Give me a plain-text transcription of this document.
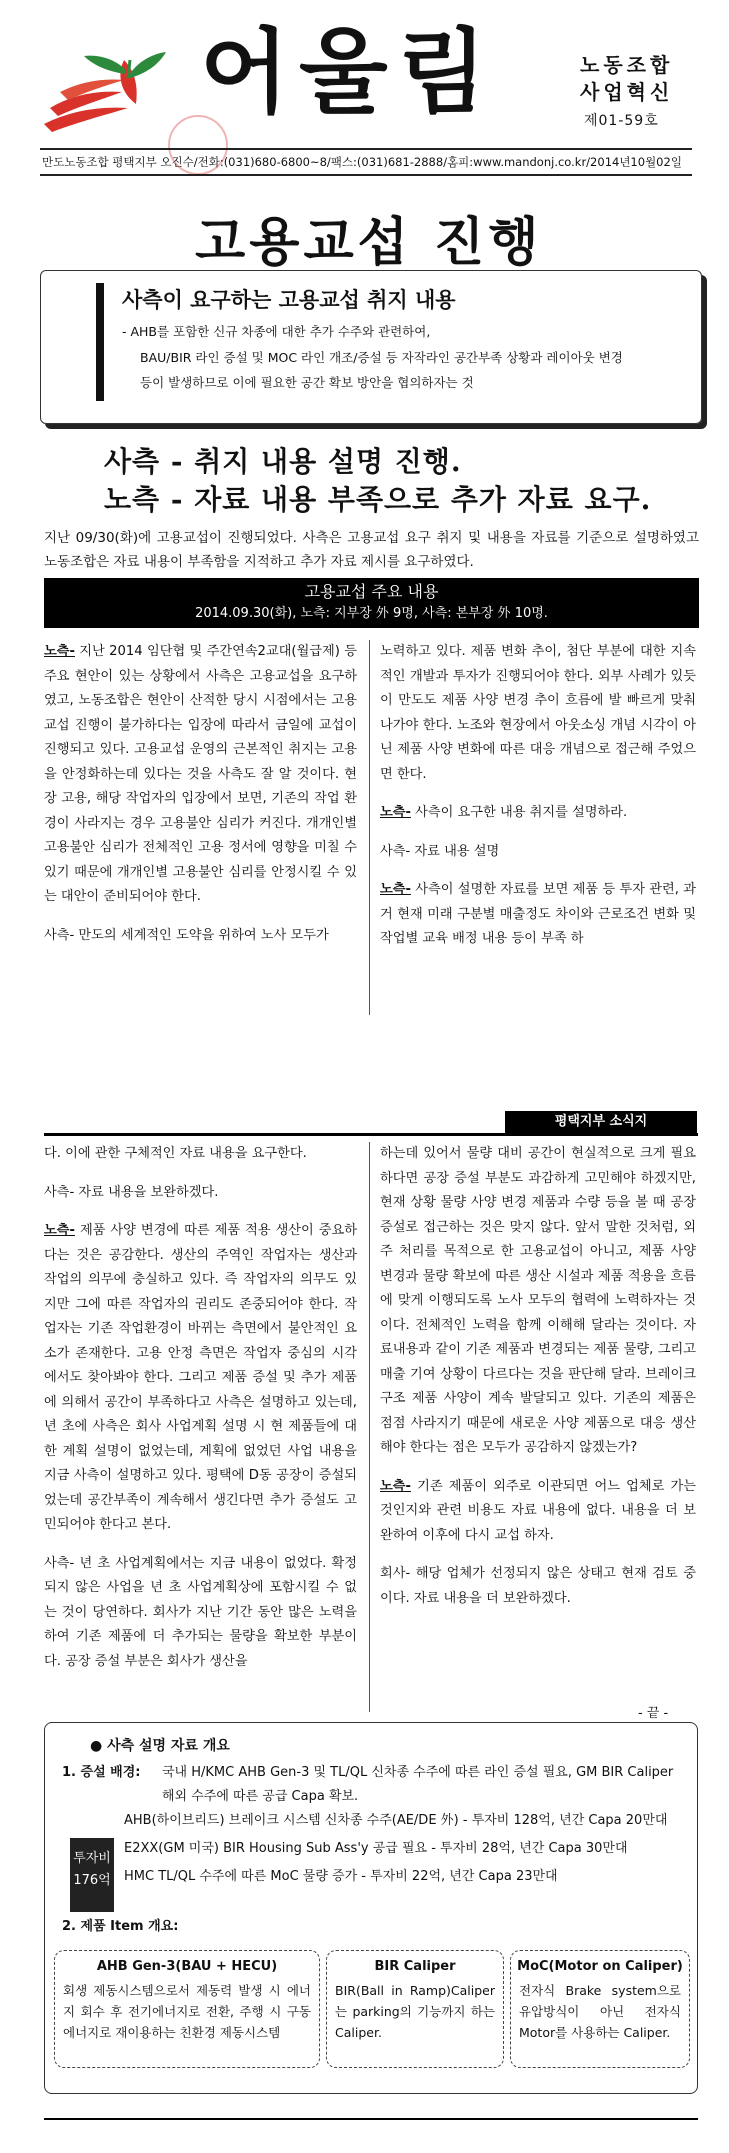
어울림	노동조합
사업혁신
제01-59호
만도노동조합 평택지부 오진수/전화:(031)680-6800~8/팩스:(031)681-2888/홈피:www.mandonj.co.kr/2014년10월02일
고용교섭 진행
사측이 요구하는 고용교섭 취지 내용
- AHB를 포함한 신규 차종에 대한 추가 수주와 관련하여,
BAU/BIR 라인 증설 및 MOC 라인 개조/증설 등 자작라인 공간부족 상황과 레이아웃 변경
등이 발생하므로 이에 필요한 공간 확보 방안을 협의하자는 것
사측 - 취지 내용 설명 진행.
노측 - 자료 내용 부족으로 추가 자료 요구.
지난 09/30(화)에 고용교섭이 진행되었다. 사측은 고용교섭 요구 취지 및 내용을 자료를 기준으로 설명하였고 노동조합은 자료 내용이 부족함을 지적하고 추가 자료 제시를 요구하였다.
고용교섭 주요 내용
2014.09.30(화), 노측: 지부장 外 9명, 사측: 본부장 外 10명.

노측- 지난 2014 임단협 및 주간연속2교대(월급제) 등 주요 현안이 있는 상황에서 사측은 고용교섭을 요구하였고, 노동조합은 현안이 산적한 당시 시점에서는 고용교섭 진행이 불가하다는 입장에 따라서 금일에 교섭이 진행되고 있다. 고용교섭 운영의 근본적인 취지는 고용을 안정화하는데 있다는 것을 사측도 잘 알 것이다. 현장 고용, 해당 작업자의 입장에서 보면, 기존의 작업 환경이 사라지는 경우 고용불안 심리가 커진다. 개개인별 고용불안 심리가 전체적인 고용 정서에 영향을 미칠 수 있기 때문에 개개인별 고용불안 심리를 안정시킬 수 있는 대안이 준비되어야 한다.

사측- 만도의 세계적인 도약을 위하여 노사 모두가

노력하고 있다. 제품 변화 추이, 첨단 부분에 대한 지속적인 개발과 투자가 진행되어야 한다. 외부 사례가 있듯이 만도도 제품 사양 변경 추이 흐름에 발 빠르게 맞춰나가야 한다. 노조와 현장에서 아웃소싱 개념 시각이 아닌 제품 사양 변화에 따른 대응 개념으로 접근해 주었으면 한다.

노측- 사측이 요구한 내용 취지를 설명하라.

사측- 자료 내용 설명

노측- 사측이 설명한 자료를 보면 제품 등 투자 관련, 과거 현재 미래 구분별 매출정도 차이와 근로조건 변화 및 작업별 교육 배정 내용 등이 부족 하

평택지부 소식지

다. 이에 관한 구체적인 자료 내용을 요구한다.

사측- 자료 내용을 보완하겠다.

노측- 제품 사양 변경에 따른 제품 적용 생산이 중요하다는 것은 공감한다. 생산의 주역인 작업자는 생산과 작업의 의무에 충실하고 있다. 즉 작업자의 의무도 있지만 그에 따른 작업자의 권리도 존중되어야 한다. 작업자는 기존 작업환경이 바뀌는 측면에서 불안적인 요소가 존재한다. 고용 안정 측면은 작업자 중심의 시각에서도 찾아봐야 한다. 그리고 제품 증설 및 추가 제품에 의해서 공간이 부족하다고 사측은 설명하고 있는데, 년 초에 사측은 회사 사업계획 설명 시 현 제품들에 대한 계획 설명이 없었는데, 계획에 없었던 사업 내용을 지금 사측이 설명하고 있다. 평택에 D동 공장이 증설되었는데 공간부족이 계속해서 생긴다면 추가 증설도 고민되어야 한다고 본다.

사측- 년 초 사업계획에서는 지금 내용이 없었다. 확정되지 않은 사업을 년 초 사업계획상에 포함시킬 수 없는 것이 당연하다. 회사가 지난 기간 동안 많은 노력을 하여 기존 제품에 더 추가되는 물량을 확보한 부분이다. 공장 증설 부분은 회사가 생산을

하는데 있어서 물량 대비 공간이 현실적으로 크게 필요하다면 공장 증설 부분도 과감하게 고민해야 하겠지만, 현재 상황 물량 사양 변경 제품과 수량 등을 볼 때 공장 증설로 접근하는 것은 맞지 않다. 앞서 말한 것처럼, 외주 처리를 목적으로 한 고용교섭이 아니고, 제품 사양 변경과 물량 확보에 따른 생산 시설과 제품 적용을 흐름에 맞게 이행되도록 노사 모두의 협력에 노력하자는 것이다. 전체적인 노력을 함께 이해해 달라는 것이다. 자료내용과 같이 기존 제품과 변경되는 제품 물량, 그리고 매출 기여 상황이 다르다는 것을 판단해 달라. 브레이크 구조 제품 사양이 계속 발달되고 있다. 기존의 제품은 점점 사라지기 때문에 새로운 사양 제품으로 대응 생산해야 한다는 점은 모두가 공감하지 않겠는가?

노측- 기존 제품이 외주로 이관되면 어느 업체로 가는 것인지와 관련 비용도 자료 내용에 없다. 내용을 더 보완하여 이후에 다시 교섭 하자.

회사- 해당 업체가 선정되지 않은 상태고 현재 검토 중이다. 자료 내용을 더 보완하겠다.

- 끝 -
● 사측 설명 자료 개요
1. 증설 배경: 국내 H/KMC AHB Gen-3 및 TL/QL 신차종 수주에 따른 라인 증설 필요, GM BIR Caliper
해외 수주에 따른 공급 Capa 확보.
투자비
176억
AHB(하이브리드) 브레이크 시스템 신차종 수주(AE/DE 外) - 투자비 128억, 년간 Capa 20만대
E2XX(GM 미국) BIR Housing Sub Ass'y 공급 필요 - 투자비 28억, 년간 Capa 30만대
HMC TL/QL 수주에 따른 MoC 물량 증가 - 투자비 22억, 년간 Capa 23만대
2. 제품 Item 개요:
AHB Gen-3(BAU + HECU)
회생 제동시스템으로서 제동력 발생 시 에너지 회수 후 전기에너지로 전환, 주행 시 구동에너지로 재이용하는 친환경 제동시스템
BIR Caliper
BIR(Ball in Ramp)Caliper는 parking의 기능까지 하는 Caliper.
MoC(Motor on Caliper)
전자식 Brake system으로 유압방식이 아닌 전자식 Motor를 사용하는 Caliper.
